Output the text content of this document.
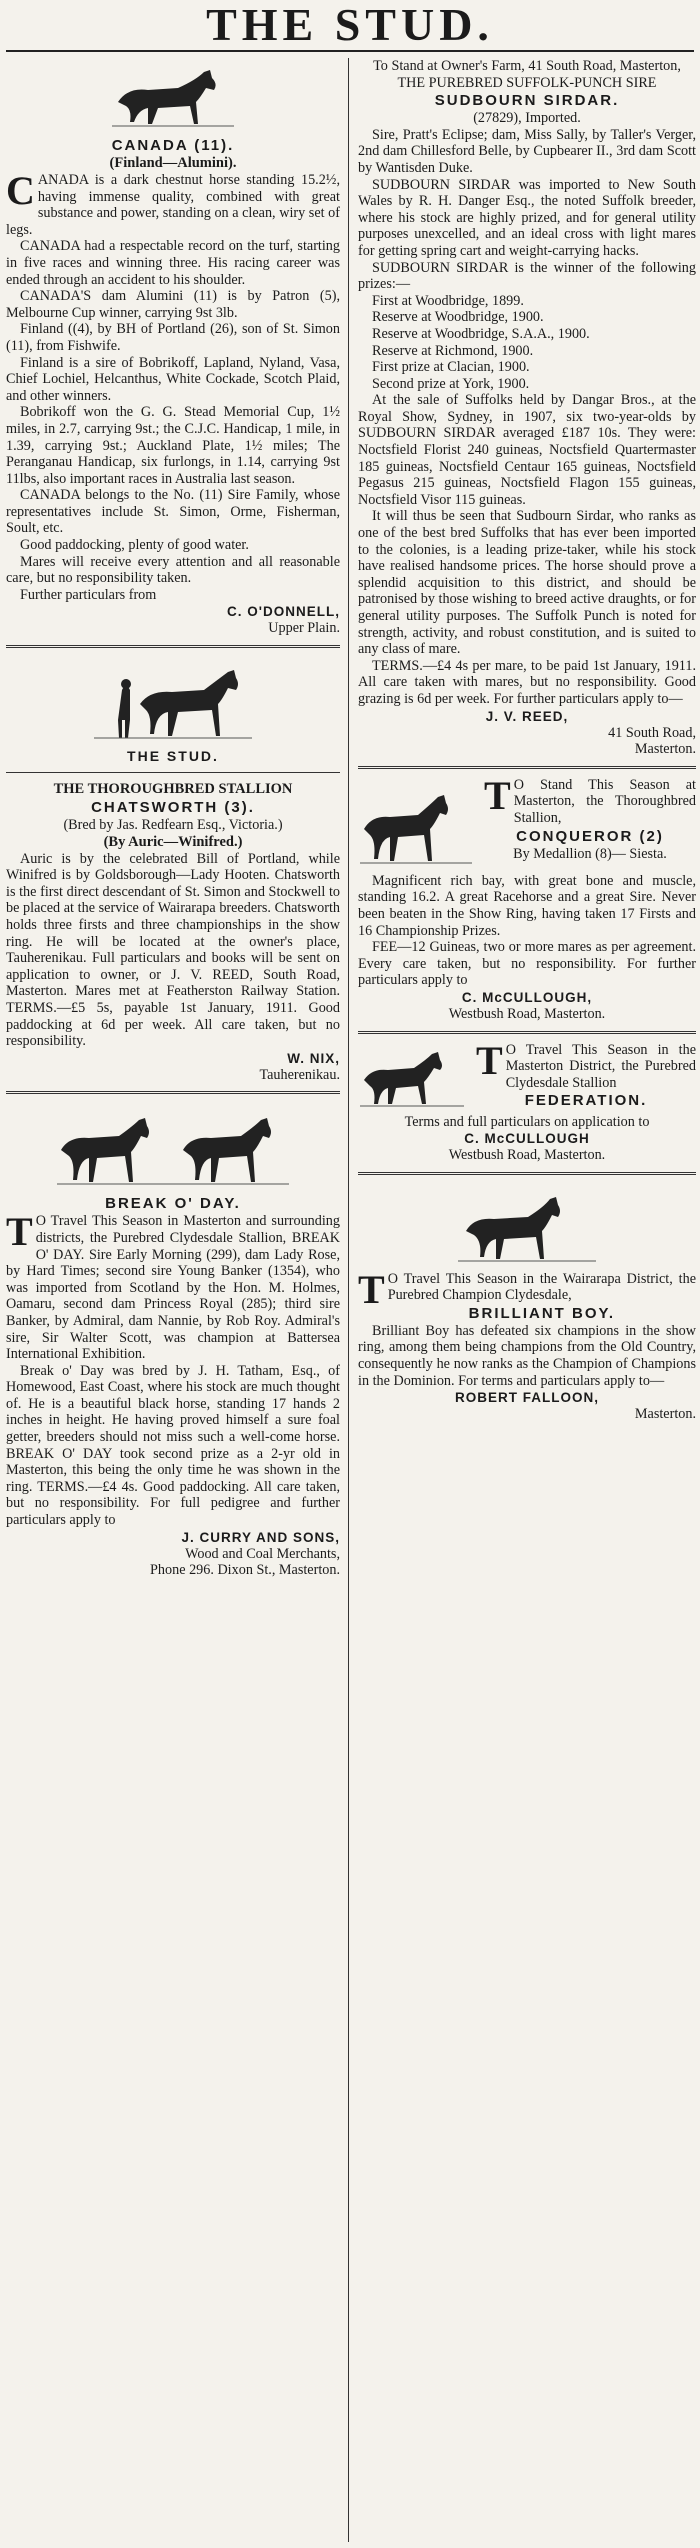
THE STUD.
CANADA (11).
(Finland—Alumini).

CANADA is a dark chestnut horse standing 15.2½, having immense quality, combined with great substance and power, standing on a clean, wiry set of legs.

CANADA had a respectable record on the turf, starting in five races and winning three. His racing career was ended through an accident to his shoulder.

CANADA'S dam Alumini (11) is by Patron (5), Melbourne Cup winner, carrying 9st 3lb.

Finland ((4), by BH of Portland (26), son of St. Simon (11), from Fishwife.

Finland is a sire of Bobrikoff, Lapland, Nyland, Vasa, Chief Lochiel, Helcanthus, White Cockade, Scotch Plaid, and other winners.

Bobrikoff won the G. G. Stead Memorial Cup, 1½ miles, in 2.7, carrying 9st.; the C.J.C. Handicap, 1 mile, in 1.39, carrying 9st.; Auckland Plate, 1½ miles; The Peranganau Handicap, six furlongs, in 1.14, carrying 9st 11lbs, also important races in Australia last season.

CANADA belongs to the No. (11) Sire Family, whose representatives include St. Simon, Orme, Fisherman, Soult, etc.

Good paddocking, plenty of good water.

Mares will receive every attention and all reasonable care, but no responsibility taken.

Further particulars from

C. O'DONNELL,

Upper Plain.

THE STUD.
THE THOROUGHBRED STALLION
CHATSWORTH (3).

(Bred by Jas. Redfearn Esq., Victoria.)

(By Auric—Winifred.)

Auric is by the celebrated Bill of Portland, while Winifred is by Goldsborough—Lady Hooten. Chatsworth is the first direct descendant of St. Simon and Stockwell to be placed at the service of Wairarapa breeders. Chatsworth holds three firsts and three championships in the show ring. He will be located at the owner's place, Tauherenikau. Full particulars and books will be sent on application to owner, or J. V. REED, South Road, Masterton. Mares met at Featherston Railway Station. TERMS.—£5 5s, payable 1st January, 1911. Good paddocking at 6d per week. All care taken, but no responsibility.

W. NIX,

Tauherenikau.

BREAK O' DAY.

T O Travel This Season in Masterton and surrounding districts, the Purebred Clydesdale Stallion, BREAK O' DAY. Sire Early Morning (299), dam Lady Rose, by Hard Times; second sire Young Banker (1354), who was imported from Scotland by the Hon. M. Holmes, Oamaru, second dam Princess Royal (285); third sire Banker, by Admiral, dam Nannie, by Rob Roy. Admiral's sire, Sir Walter Scott, was champion at Battersea International Exhibition.

Break o' Day was bred by J. H. Tatham, Esq., of Homewood, East Coast, where his stock are much thought of. He is a beautiful black horse, standing 17 hands 2 inches in height. He having proved himself a sure foal getter, breeders should not miss such a well-come horse. BREAK O' DAY took second prize as a 2-yr old in Masterton, this being the only time he was shown in the ring. TERMS.—£4 4s. Good paddocking. All care taken, but no responsibility. For full pedigree and further particulars apply to

J. CURRY AND SONS,

Wood and Coal Merchants,

Phone 296. Dixon St., Masterton.

To Stand at Owner's Farm, 41 South Road, Masterton,

THE PUREBRED SUFFOLK-PUNCH SIRE

SUDBOURN SIRDAR.

(27829), Imported.

Sire, Pratt's Eclipse; dam, Miss Sally, by Taller's Verger, 2nd dam Chillesford Belle, by Cupbearer II., 3rd dam Scott by Wantisden Duke.

SUDBOURN SIRDAR was imported to New South Wales by R. H. Danger Esq., the noted Suffolk breeder, where his stock are highly prized, and for general utility purposes unexcelled, and an ideal cross with light mares for getting spring cart and weight-carrying hacks.

SUDBOURN SIRDAR is the winner of the following prizes:—

First at Woodbridge, 1899.

Reserve at Woodbridge, 1900.

Reserve at Woodbridge, S.A.A., 1900.

Reserve at Richmond, 1900.

First prize at Clacian, 1900.

Second prize at York, 1900.

At the sale of Suffolks held by Dangar Bros., at the Royal Show, Sydney, in 1907, six two-year-olds by SUDBOURN SIRDAR averaged £187 10s. They were: Noctsfield Florist 240 guineas, Noctsfield Quartermaster 185 guineas, Noctsfield Centaur 165 guineas, Noctsfield Pegasus 215 guineas, Noctsfield Flagon 155 guineas, Noctsfield Visor 115 guineas.

It will thus be seen that Sudbourn Sirdar, who ranks as one of the best bred Suffolks that has ever been imported to the colonies, is a leading prize-taker, while his stock have realised handsome prices. The horse should prove a splendid acquisition to this district, and should be patronised by those wishing to breed active draughts, or for general utility purposes. The Suffolk Punch is noted for strength, activity, and robust constitution, and is suited to any class of mare.

TERMS.—£4 4s per mare, to be paid 1st January, 1911. All care taken with mares, but no responsibility. Good grazing is 6d per week. For further particulars apply to—

J. V. REED,

41 South Road,

Masterton.

T O Stand This Season at Masterton, the Thoroughbred Stallion,

CONQUEROR (2)

By Medallion (8)— Siesta.

Magnificent rich bay, with great bone and muscle, standing 16.2. A great Racehorse and a great Sire. Never been beaten in the Show Ring, having taken 17 Firsts and 16 Championship Prizes.

FEE—12 Guineas, two or more mares as per agreement. Every care taken, but no responsibility. For further particulars apply to

C. McCULLOUGH,

Westbush Road, Masterton.

T O Travel This Season in the Masterton District, the Purebred Clydesdale Stallion

FEDERATION.

Terms and full particulars on application to

C. McCULLOUGH

Westbush Road, Masterton.

T O Travel This Season in the Wairarapa District, the Purebred Champion Clydesdale,

BRILLIANT BOY.

Brilliant Boy has defeated six champions in the show ring, among them being champions from the Old Country, consequently he now ranks as the Champion of Champions in the Dominion. For terms and particulars apply to—

ROBERT FALLOON,

Masterton.
